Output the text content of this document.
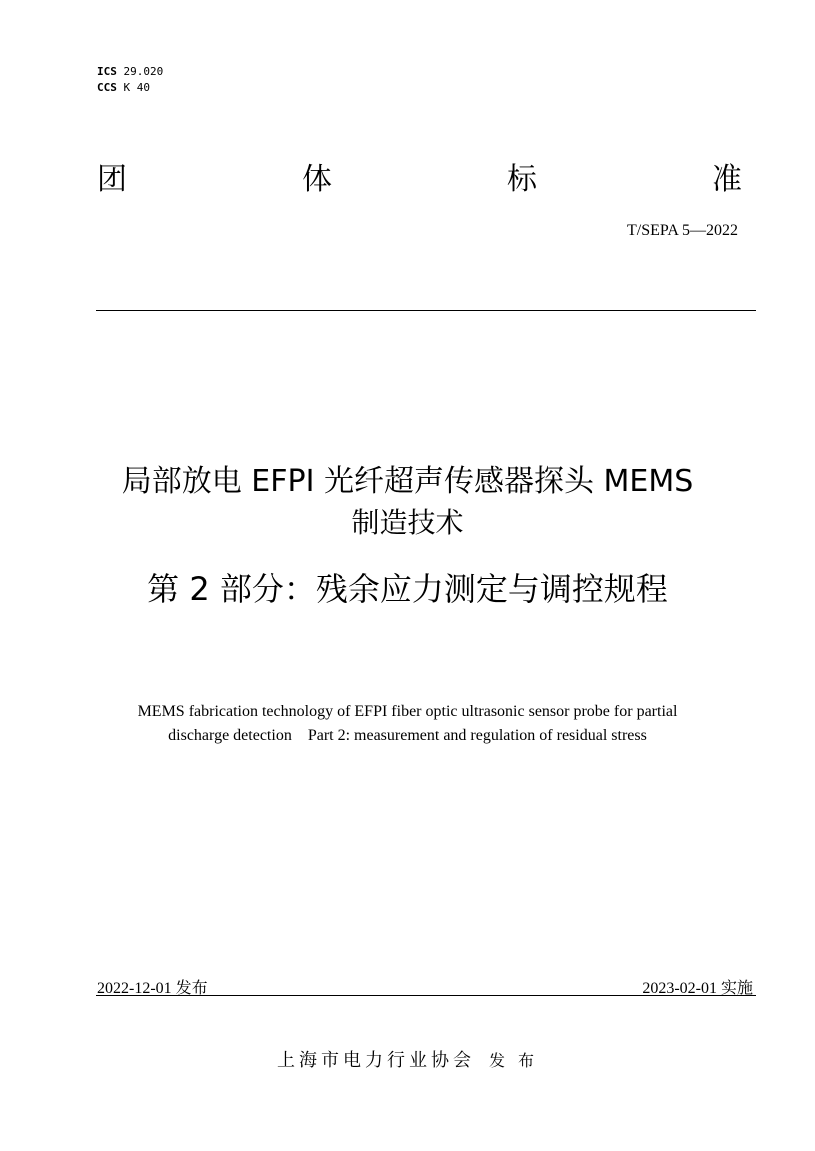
ICS 29.020
CCS K 40
团	体	标	准
T/SEPA 5—2022
局部放电 EFPI 光纤超声传感器探头 MEMS
制造技术
第 2 部分：残余应力测定与调控规程
MEMS fabrication technology of EFPI fiber optic ultrasonic sensor probe for partial
discharge detection　Part 2: measurement and regulation of residual stress
2022-12-01 发布	2023-02-01 实施
上海市电力行业协会 发 布
